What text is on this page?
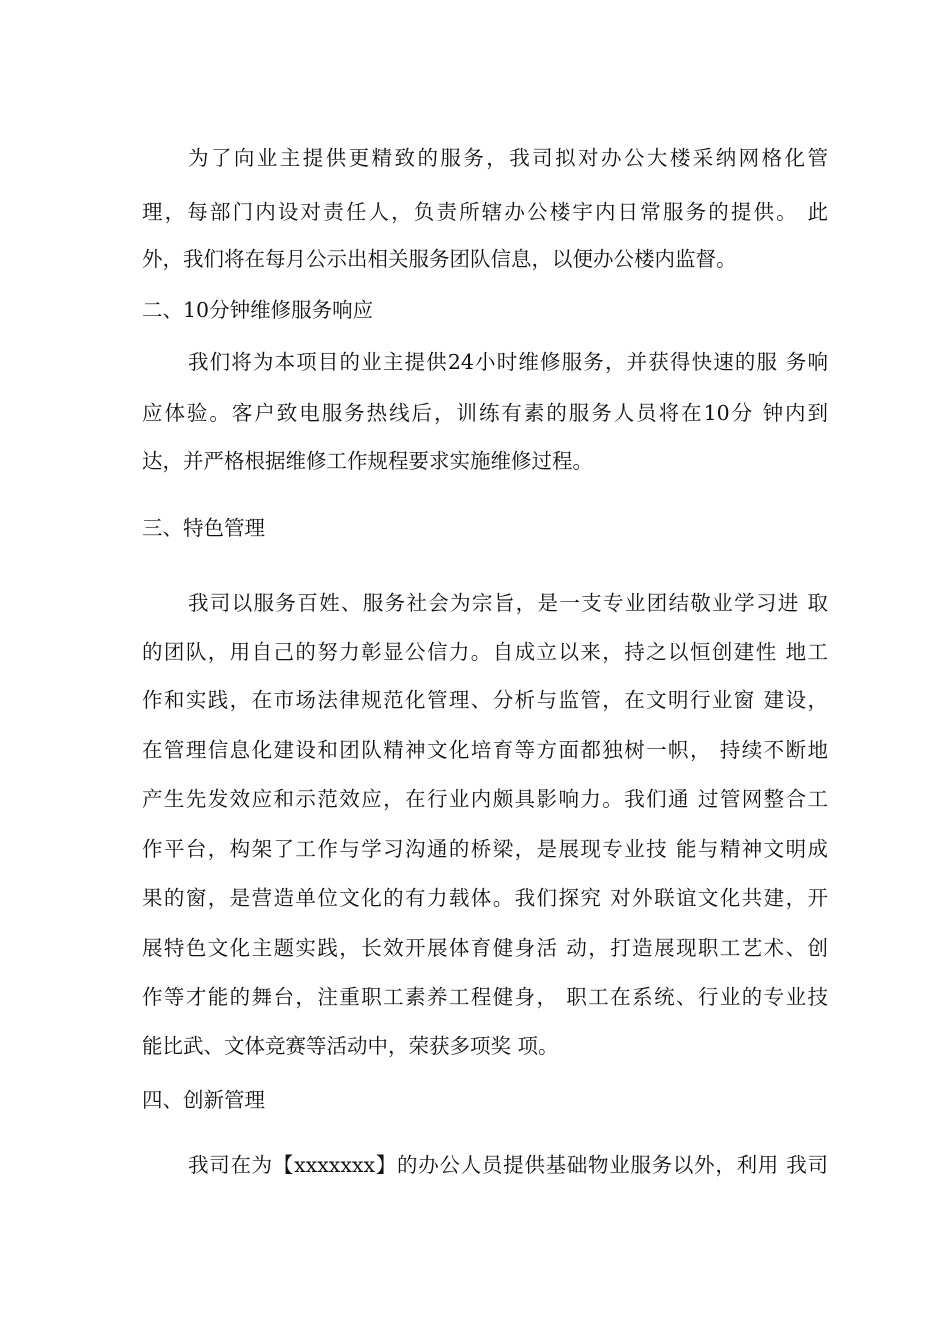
为了向业主提供更精致的服务，我司拟对办公大楼采纳网格化管
理，每部门内设对责任人，负责所辖办公楼宇内日常服务的提供。 此
外，我们将在每月公示出相关服务团队信息，以便办公楼内监督。
二、10分钟维修服务响应
我们将为本项目的业主提供24小时维修服务，并获得快速的服 务响
应体验。客户致电服务热线后，训练有素的服务人员将在10分 钟内到
达，并严格根据维修工作规程要求实施维修过程。
三、特色管理
我司以服务百姓、服务社会为宗旨，是一支专业团结敬业学习进 取
的团队，用自己的努力彰显公信力。自成立以来，持之以恒创建性 地工
作和实践，在市场法律规范化管理、分析与监管，在文明行业窗 建设，
在管理信息化建设和团队精神文化培育等方面都独树一帜， 持续不断地
产生先发效应和示范效应，在行业内颇具影响力。我们通 过管网整合工
作平台，构架了工作与学习沟通的桥梁，是展现专业技 能与精神文明成
果的窗，是营造单位文化的有力载体。我们探究 对外联谊文化共建，开
展特色文化主题实践，长效开展体育健身活 动，打造展现职工艺术、创
作等才能的舞台，注重职工素养工程健身， 职工在系统、行业的专业技
能比武、文体竞赛等活动中，荣获多项奖 项。
四、创新管理
我司在为【xxxxxxx】的办公人员提供基础物业服务以外，利用 我司
